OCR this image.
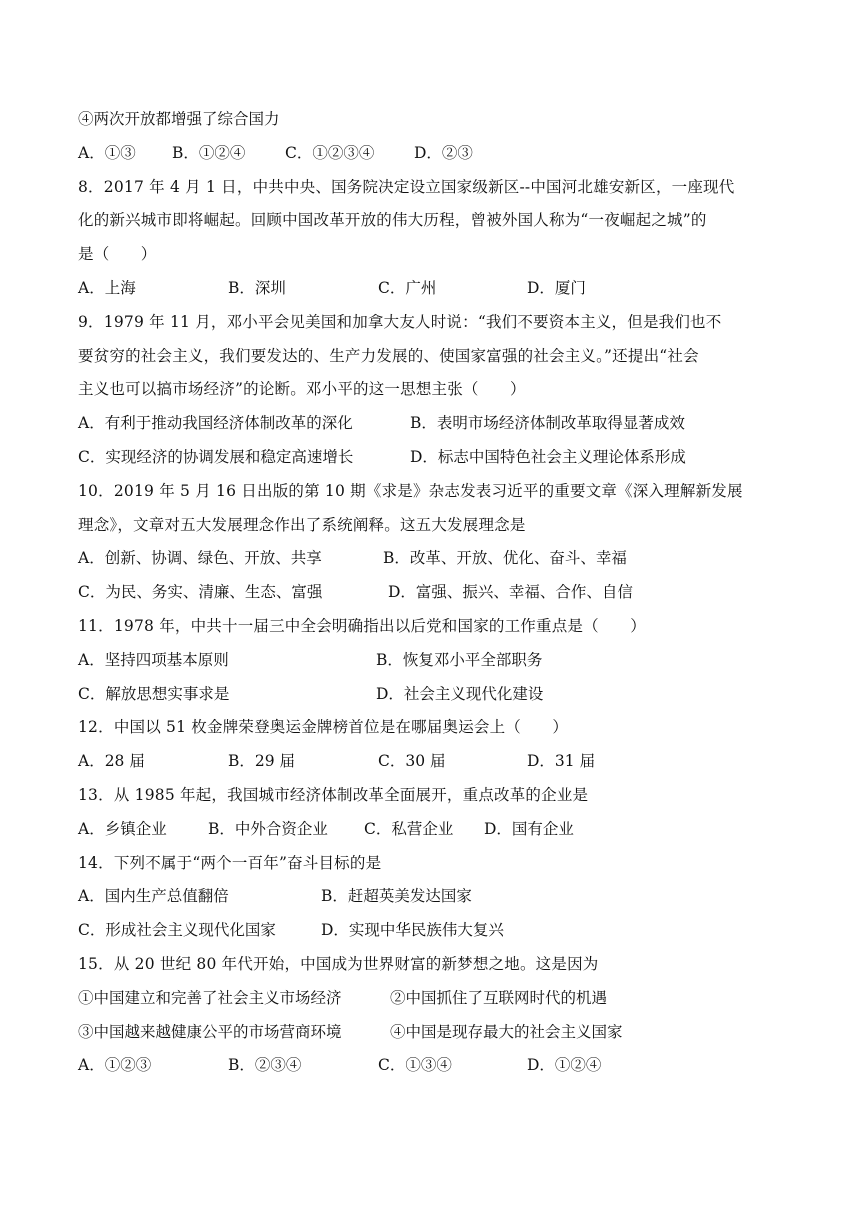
④两次开放都增强了综合国力
A．①③ B．①②④	C．①②③④	D．②③
8．2017 年 4 月 1 日，中共中央、国务院决定设立国家级新区--中国河北雄安新区，一座现代
化的新兴城市即将崛起。回顾中国改革开放的伟大历程，曾被外国人称为“一夜崛起之城”的
是（　　）
A．上海	B．深圳	C．广州	D．厦门
9．1979 年 11 月，邓小平会见美国和加拿大友人时说：“我们不要资本主义，但是我们也不
要贫穷的社会主义，我们要发达的、生产力发展的、使国家富强的社会主义。”还提出“社会
主义也可以搞市场经济”的论断。邓小平的这一思想主张（　　）
A．有利于推动我国经济体制改革的深化	B．表明市场经济体制改革取得显著成效
C．实现经济的协调发展和稳定高速增长	D．标志中国特色社会主义理论体系形成
10．2019 年 5 月 16 日出版的第 10 期《求是》杂志发表习近平的重要文章《深入理解新发展
理念》，文章对五大发展理念作出了系统阐释。这五大发展理念是
A．创新、协调、绿色、开放、共享	B．改革、开放、优化、奋斗、幸福
C．为民、务实、清廉、生态、富强	D．富强、振兴、幸福、合作、自信
11．1978 年，中共十一届三中全会明确指出以后党和国家的工作重点是（　　）
A．坚持四项基本原则	B．恢复邓小平全部职务
C．解放思想实事求是	D．社会主义现代化建设
12．中国以 51 枚金牌荣登奥运金牌榜首位是在哪届奥运会上（　　）
A．28 届	B．29 届	C．30 届	D．31 届
13．从 1985 年起，我国城市经济体制改革全面展开，重点改革的企业是
A．乡镇企业	B．中外合资企业 C．私营企业 D．国有企业
14．下列不属于“两个一百年”奋斗目标的是
A．国内生产总值翻倍	B．赶超英美发达国家
C．形成社会主义现代化国家	D．实现中华民族伟大复兴
15．从 20 世纪 80 年代开始，中国成为世界财富的新梦想之地。这是因为
①中国建立和完善了社会主义市场经济	②中国抓住了互联网时代的机遇
③中国越来越健康公平的市场营商环境	④中国是现存最大的社会主义国家
A．①②③	B．②③④	C．①③④	D．①②④
